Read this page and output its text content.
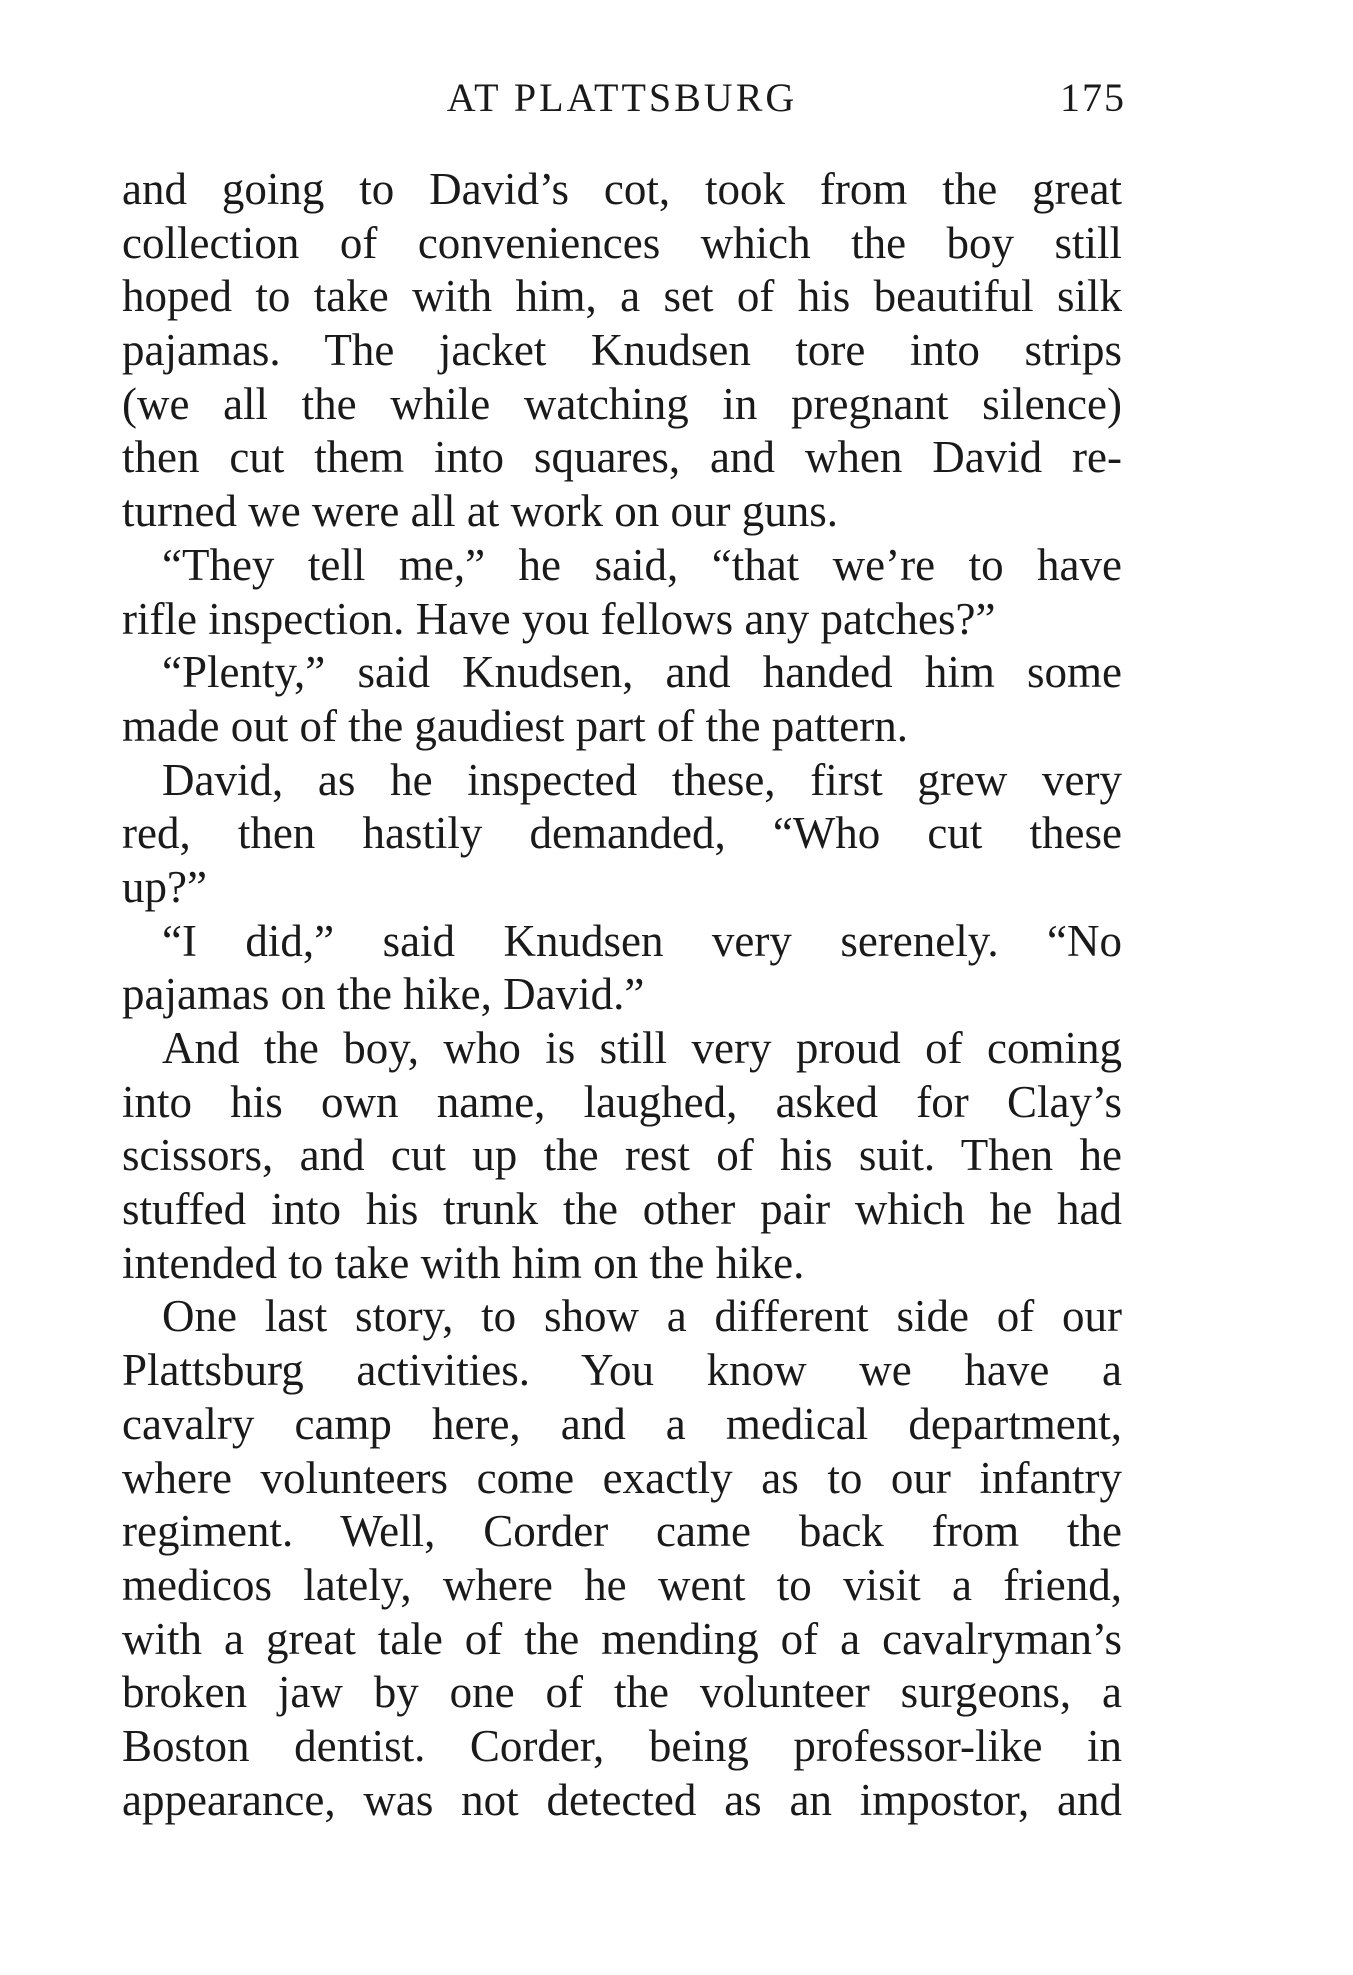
AT PLATTSBURG	175
and going to David’s cot, took from the great
collection of conveniences which the boy still
hoped to take with him, a set of his beautiful silk
pajamas. The jacket Knudsen tore into strips
(we all the while watching in pregnant silence)
then cut them into squares, and when David re-
turned we were all at work on our guns.
“They tell me,” he said, “that we’re to have
rifle inspection. Have you fellows any patches?”
“Plenty,” said Knudsen, and handed him some
made out of the gaudiest part of the pattern.
David, as he inspected these, first grew very
red, then hastily demanded, “Who cut these
up?”
“I did,” said Knudsen very serenely. “No
pajamas on the hike, David.”
And the boy, who is still very proud of coming
into his own name, laughed, asked for Clay’s
scissors, and cut up the rest of his suit. Then he
stuffed into his trunk the other pair which he had
intended to take with him on the hike.
One last story, to show a different side of our
Plattsburg activities. You know we have a
cavalry camp here, and a medical department,
where volunteers come exactly as to our infantry
regiment. Well, Corder came back from the
medicos lately, where he went to visit a friend,
with a great tale of the mending of a cavalryman’s
broken jaw by one of the volunteer surgeons, a
Boston dentist. Corder, being professor-like in
appearance, was not detected as an impostor, and
